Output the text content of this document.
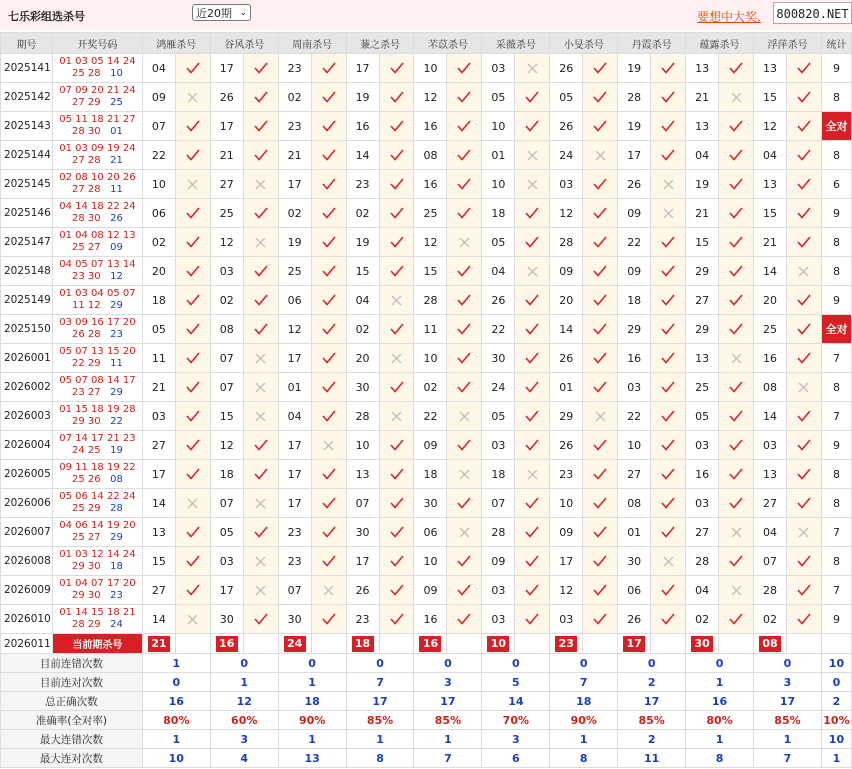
七乐彩组选杀号	近20期 ⌄	要想中大奖, 800820.NET
期号	开奖号码	鸿雁杀号		谷风杀号		周南杀号		蒹之杀号		芣苡杀号		采薇杀号		小旻杀号		丹霞杀号		蕴露杀号		浮萍杀号		统计
2025141	01 03 05 14 24
25 28 10	04		17		23		17		10		03		26		19		13		13		9
2025142	07 09 20 21 24
27 29 25	09		26		02		19		12		05		05		28		21		15		8
2025143	05 11 18 21 27
28 30 01	07		17		23		16		16		10		26		19		13		12		全对
2025144	01 03 09 19 24
27 28 21	22		21		21		14		08		01		24		17		04		04		8
2025145	02 08 10 20 26
27 28 11	10		27		17		23		16		10		03		26		19		13		6
2025146	04 14 18 22 24
28 30 26	06		25		02		02		25		18		12		09		21		15		9
2025147	01 04 08 12 13
25 27 09	02		12		19		19		12		05		28		22		15		21		8
2025148	04 05 07 13 14
23 30 12	20		03		25		15		15		04		09		09		29		14		8
2025149	01 03 04 05 07
11 12 29	18		02		06		04		28		26		20		18		27		20		9
2025150	03 09 16 17 20
26 28 23	05		08		12		02		11		22		14		29		29		25		全对
2026001	05 07 13 15 20
22 29 11	11		07		17		20		10		30		26		16		13		16		7
2026002	05 07 08 14 17
23 27 29	21		07		01		30		02		24		01		03		25		08		8
2026003	01 15 18 19 28
29 30 22	03		15		04		28		22		05		29		22		05		14		7
2026004	07 14 17 21 23
24 25 19	27		12		17		10		09		03		26		10		03		03		9
2026005	09 11 18 19 22
25 26 08	17		18		17		13		18		18		23		27		16		13		8
2026006	05 06 14 22 24
25 29 28	14		07		17		07		30		07		10		08		03		27		8
2026007	04 06 14 19 20
25 27 29	13		05		23		30		06		28		09		01		27		04		7
2026008	01 03 12 14 24
29 30 18	15		03		23		17		10		09		17		30		28		07		8
2026009	01 04 07 17 20
29 30 23	27		17		07		26		09		03		12		06		04		28		7
2026010	01 14 15 18 21
28 29 24	14		30		30		23		16		03		03		26		02		02		9
2026011	当前期杀号	21		16		24		18		16		10		23		17		30		08		
目前连错次数		1		0		0		0		0		0		0		0		0		0		10
目前连对次数		0		1		1		7		3		5		7		2		1		3		0
总正确次数		16		12		18		17		17		14		18		17		16		17		2
准确率(全对率)		80%		60%		90%		85%		85%		70%		90%		85%		80%		85%		10%
最大连错次数		1		3		1		1		1		3		1		2		1		1		10
最大连对次数		10		4		13		8		7		6		8		11		8		7		1
